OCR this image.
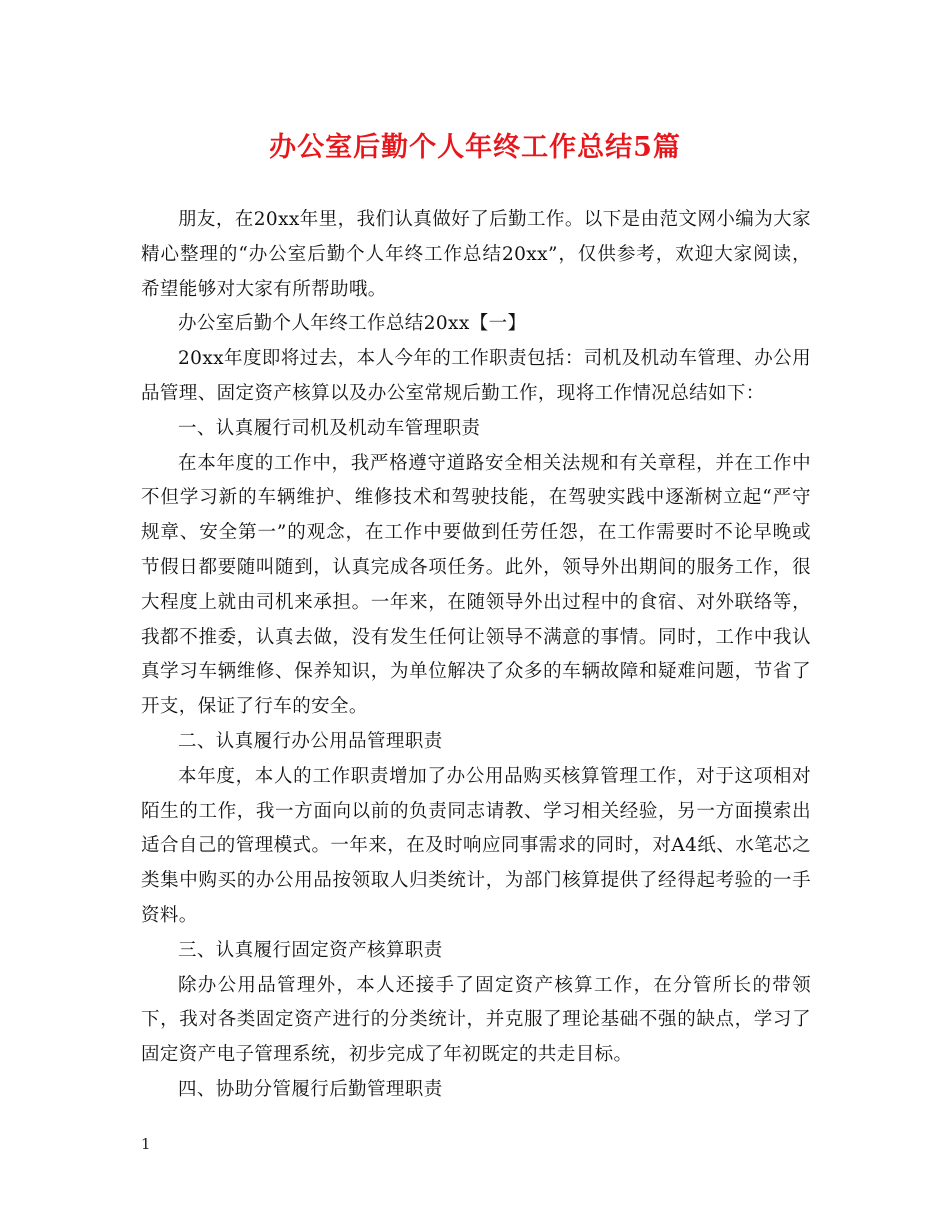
办公室后勤个人年终工作总结5篇

朋友，在20xx年里，我们认真做好了后勤工作。以下是由范文网小编为大家精心整理的“办公室后勤个人年终工作总结20xx”，仅供参考，欢迎大家阅读，希望能够对大家有所帮助哦。

办公室后勤个人年终工作总结20xx【一】

20xx年度即将过去，本人今年的工作职责包括：司机及机动车管理、办公用品管理、固定资产核算以及办公室常规后勤工作，现将工作情况总结如下：

一、认真履行司机及机动车管理职责

在本年度的工作中，我严格遵守道路安全相关法规和有关章程，并在工作中不但学习新的车辆维护、维修技术和驾驶技能，在驾驶实践中逐渐树立起“严守规章、安全第一”的观念，在工作中要做到任劳任怨，在工作需要时不论早晚或节假日都要随叫随到，认真完成各项任务。此外，领导外出期间的服务工作，很大程度上就由司机来承担。一年来，在随领导外出过程中的食宿、对外联络等，我都不推委，认真去做，没有发生任何让领导不满意的事情。同时，工作中我认真学习车辆维修、保养知识，为单位解决了众多的车辆故障和疑难问题，节省了开支，保证了行车的安全。

二、认真履行办公用品管理职责

本年度，本人的工作职责增加了办公用品购买核算管理工作，对于这项相对陌生的工作，我一方面向以前的负责同志请教、学习相关经验，另一方面摸索出适合自己的管理模式。一年来，在及时响应同事需求的同时，对A4纸、水笔芯之类集中购买的办公用品按领取人归类统计，为部门核算提供了经得起考验的一手资料。

三、认真履行固定资产核算职责

除办公用品管理外，本人还接手了固定资产核算工作，在分管所长的带领下，我对各类固定资产进行的分类统计，并克服了理论基础不强的缺点，学习了固定资产电子管理系统，初步完成了年初既定的共走目标。

四、协助分管履行后勤管理职责

1
